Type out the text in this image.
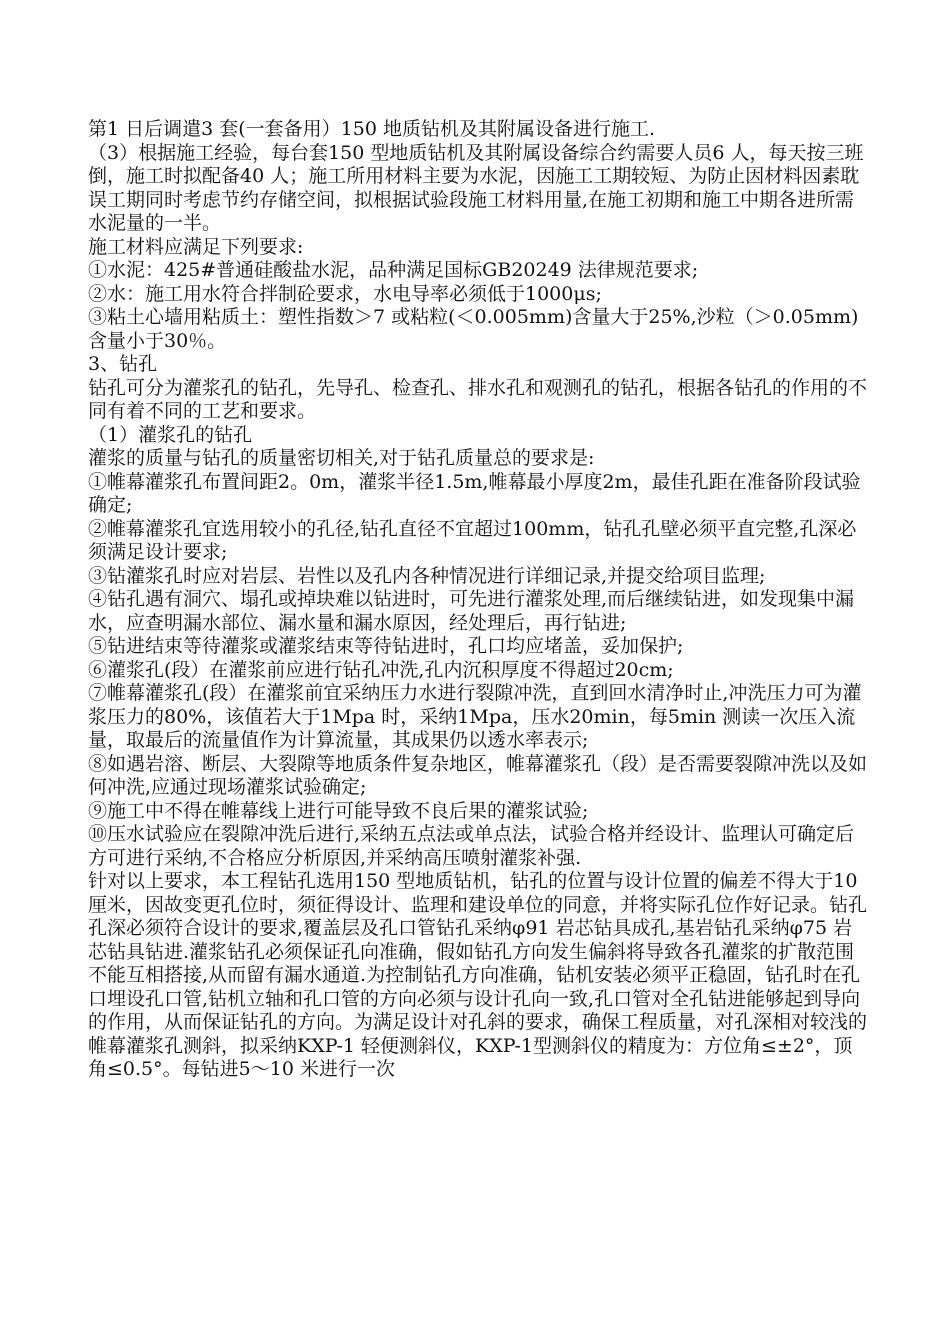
第1 日后调遣3 套(一套备用）150 地质钻机及其附属设备进行施工.

（3）根据施工经验，每台套150 型地质钻机及其附属设备综合约需要人员6 人，每天按三班倒，施工时拟配备40 人；施工所用材料主要为水泥，因施工工期较短、为防止因材料因素耽误工期同时考虑节约存储空间，拟根据试验段施工材料用量,在施工初期和施工中期各进所需水泥量的一半。

施工材料应满足下列要求:

①水泥：425#普通硅酸盐水泥，品种满足国标GB20249 法律规范要求;

②水：施工用水符合拌制砼要求，水电导率必须低于1000μs;

③粘土心墙用粘质土：塑性指数＞7 或粘粒(＜0.005mm)含量大于25%,沙粒（＞0.05mm)含量小于30％。

3、钻孔

钻孔可分为灌浆孔的钻孔，先导孔、检查孔、排水孔和观测孔的钻孔，根据各钻孔的作用的不同有着不同的工艺和要求。

（1）灌浆孔的钻孔

灌浆的质量与钻孔的质量密切相关,对于钻孔质量总的要求是:

①帷幕灌浆孔布置间距2。0m，灌浆半径1.5m,帷幕最小厚度2m，最佳孔距在准备阶段试验确定;

②帷幕灌浆孔宜选用较小的孔径,钻孔直径不宜超过100mm，钻孔孔壁必须平直完整,孔深必须满足设计要求;

③钻灌浆孔时应对岩层、岩性以及孔内各种情况进行详细记录,并提交给项目监理;

④钻孔遇有洞穴、塌孔或掉块难以钻进时，可先进行灌浆处理,而后继续钻进，如发现集中漏水，应查明漏水部位、漏水量和漏水原因，经处理后，再行钻进;

⑤钻进结束等待灌浆或灌浆结束等待钻进时，孔口均应堵盖，妥加保护;

⑥灌浆孔(段）在灌浆前应进行钻孔冲洗,孔内沉积厚度不得超过20cm;

⑦帷幕灌浆孔(段）在灌浆前宜采纳压力水进行裂隙冲洗，直到回水清净时止,冲洗压力可为灌浆压力的80%，该值若大于1Mpa 时，采纳1Mpa，压水20min，每5min 测读一次压入流量，取最后的流量值作为计算流量，其成果仍以透水率表示;

⑧如遇岩溶、断层、大裂隙等地质条件复杂地区，帷幕灌浆孔（段）是否需要裂隙冲洗以及如何冲洗,应通过现场灌浆试验确定;

⑨施工中不得在帷幕线上进行可能导致不良后果的灌浆试验;

⑩压水试验应在裂隙冲洗后进行,采纳五点法或单点法，试验合格并经设计、监理认可确定后方可进行采纳,不合格应分析原因,并采纳高压喷射灌浆补强.

针对以上要求，本工程钻孔选用150 型地质钻机，钻孔的位置与设计位置的偏差不得大于10 厘米，因故变更孔位时，须征得设计、监理和建设单位的同意，并将实际孔位作好记录。钻孔孔深必须符合设计的要求,覆盖层及孔口管钻孔采纳φ91 岩芯钻具成孔,基岩钻孔采纳φ75 岩芯钻具钻进.灌浆钻孔必须保证孔向准确，假如钻孔方向发生偏斜将导致各孔灌浆的扩散范围不能互相搭接,从而留有漏水通道.为控制钻孔方向准确，钻机安装必须平正稳固，钻孔时在孔口埋设孔口管,钻机立轴和孔口管的方向必须与设计孔向一致,孔口管对全孔钻进能够起到导向的作用，从而保证钻孔的方向。为满足设计对孔斜的要求，确保工程质量，对孔深相对较浅的帷幕灌浆孔测斜，拟采纳KXP-1 轻便测斜仪，KXP-1型测斜仪的精度为：方位角≤±2°，顶角≤0.5°。每钻进5～10 米进行一次
